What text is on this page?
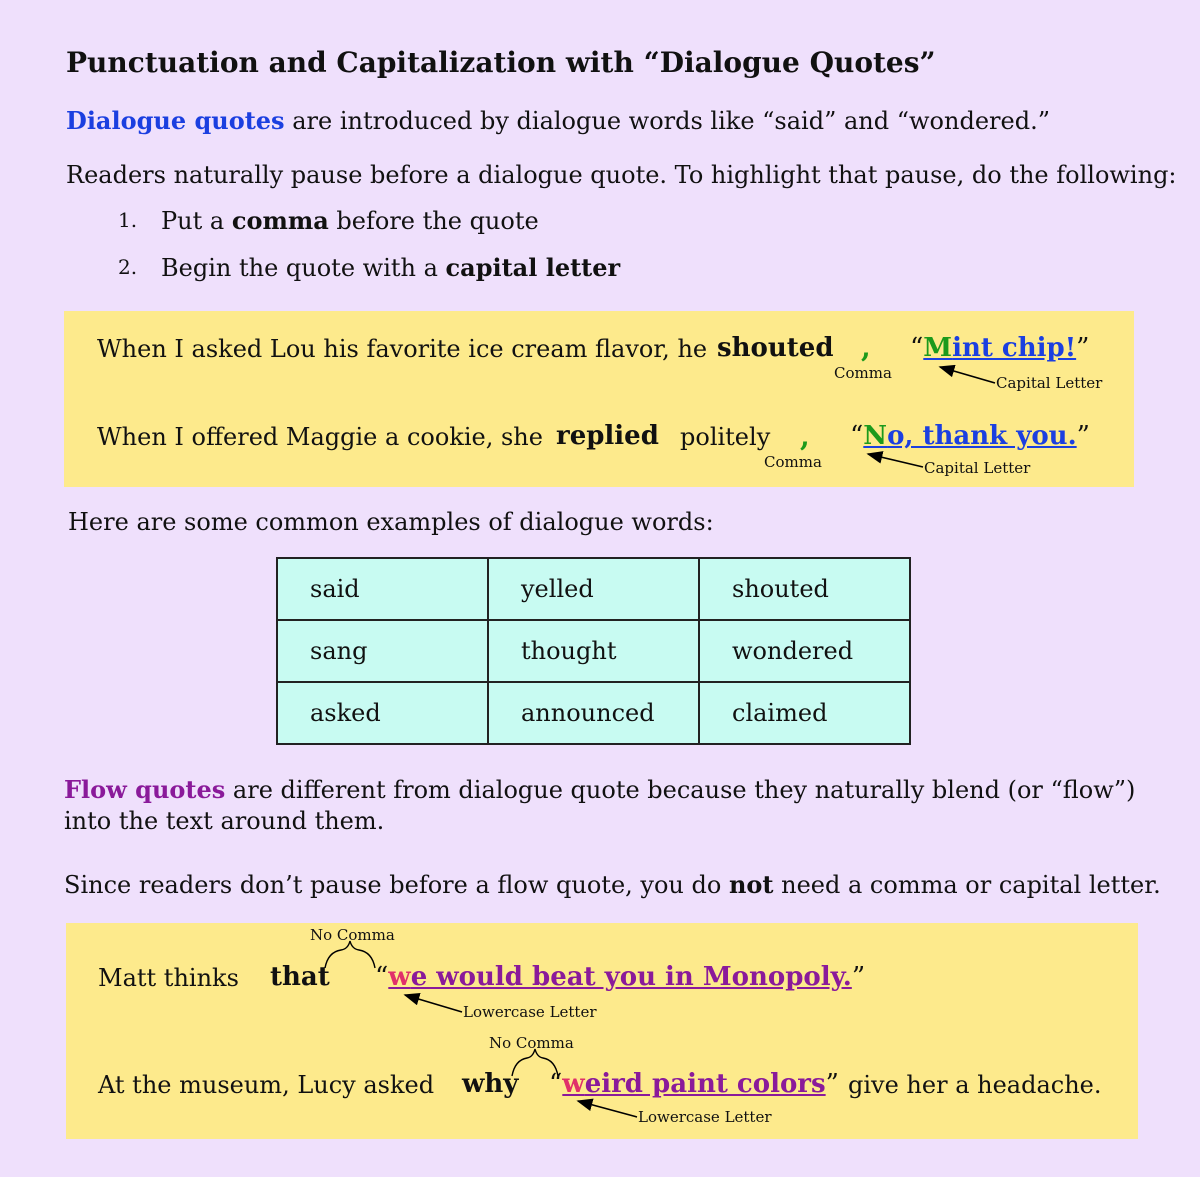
Punctuation and Capitalization with “Dialogue Quotes”
Dialogue quotes are introduced by dialogue words like “said” and “wondered.”
Readers naturally pause before a dialogue quote. To highlight that pause, do the following:
1. Put a comma before the quote
2. Begin the quote with a capital letter
When I asked Lou his favorite ice cream flavor, he shouted ,
Comma
“Mint chip!”
Capital Letter
When I offered Maggie a cookie, she replied politely ,
Comma
“No, thank you.”
Capital Letter
Here are some common examples of dialogue words:
said	yelled	shouted
sang	thought	wondered
asked	announced	claimed
Flow quotes are different from dialogue quote because they naturally blend (or “flow”)
into the text around them.
Since readers don’t pause before a flow quote, you do not need a comma or capital letter.
No Comma
Matt thinks that “we would beat you in Monopoly.”
Lowercase Letter
No Comma
At the museum, Lucy asked why “weird paint colors” give her a headache.
Lowercase Letter
